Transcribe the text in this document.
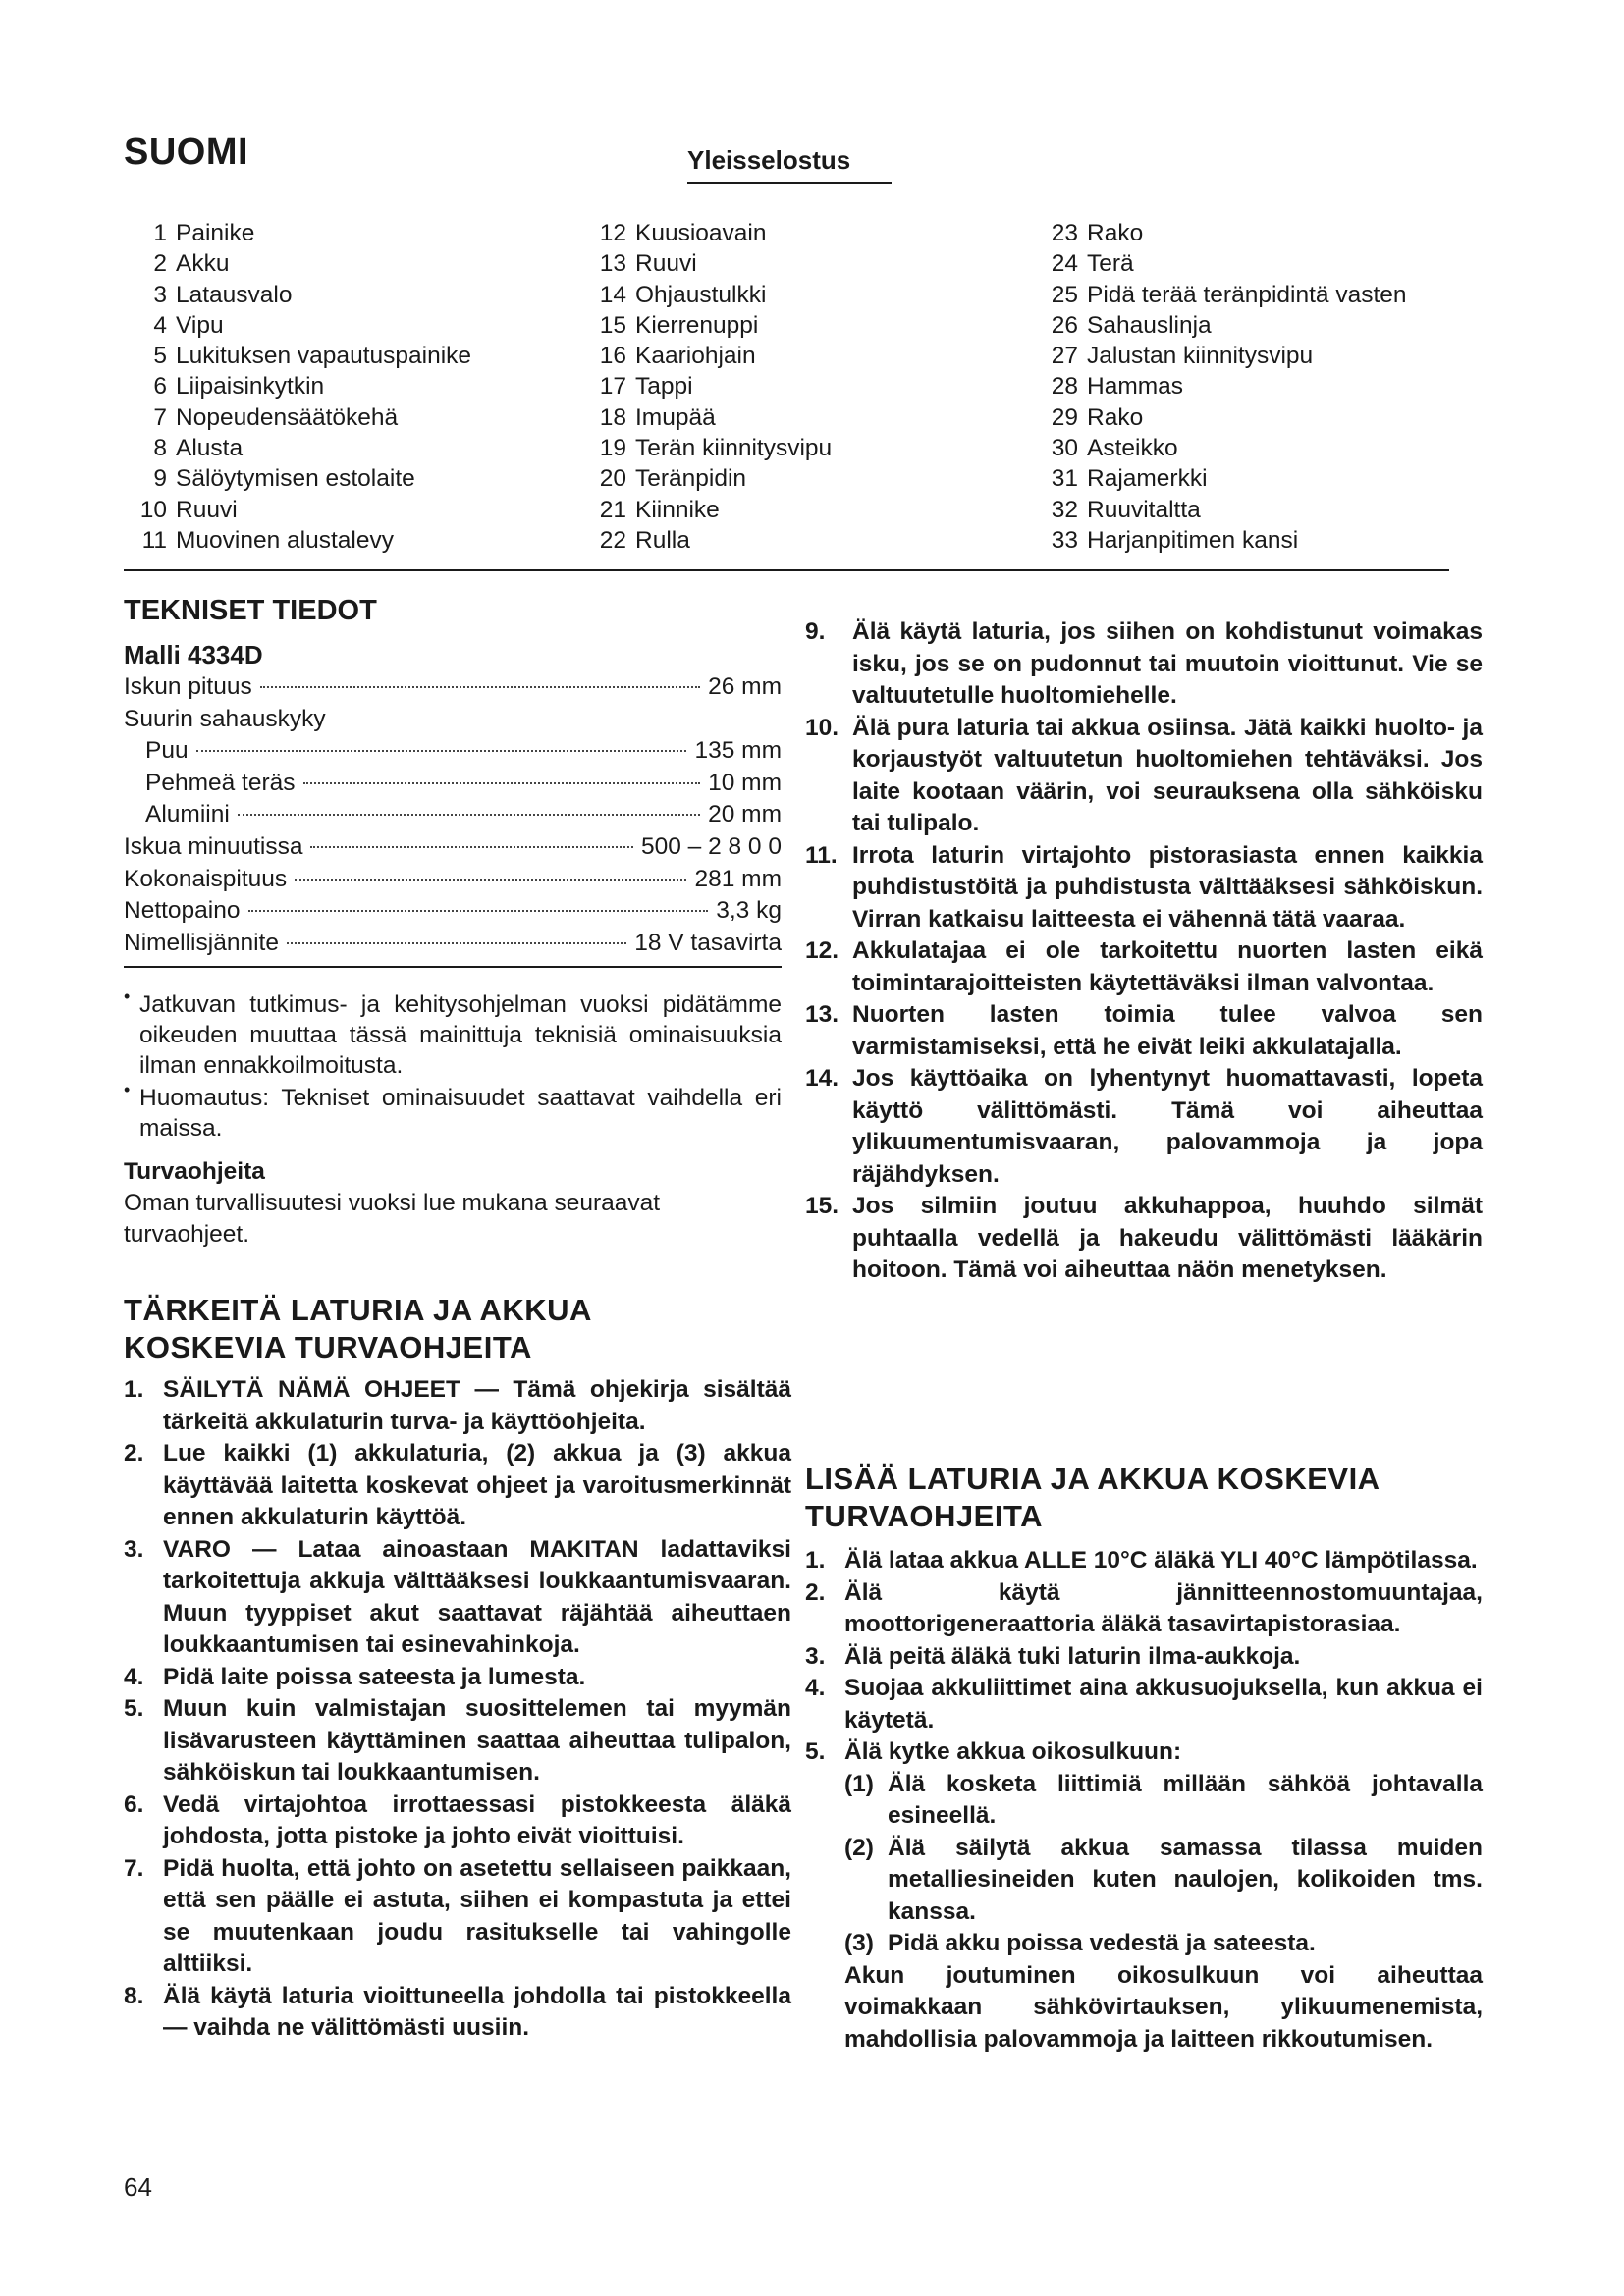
SUOMI	Yleisselostus
1 Painike
2 Akku
3 Latausvalo
4 Vipu
5 Lukituksen vapautuspainike
6 Liipaisinkytkin
7 Nopeudensäätökehä
8 Alusta
9 Sälöytymisen estolaite
10 Ruuvi
11 Muovinen alustalevy
12 Kuusioavain
13 Ruuvi
14 Ohjaustulkki
15 Kierrenuppi
16 Kaariohjain
17 Tappi
18 Imupää
19 Terän kiinnitysvipu
20 Teränpidin
21 Kiinnike
22 Rulla
23 Rako
24 Terä
25 Pidä terää teränpidintä vasten
26 Sahauslinja
27 Jalustan kiinnitysvipu
28 Hammas
29 Rako
30 Asteikko
31 Rajamerkki
32 Ruuvitaltta
33 Harjanpitimen kansi
TEKNISET TIEDOT
Malli 4334D
Iskun pituus	26 mm
Suurin sahauskyky
Puu	135 mm
Pehmeä teräs	10 mm
Alumiini	20 mm
Iskua minuutissa	500 – 2 8 0 0
Kokonaispituus	281 mm
Nettopaino	3,3 kg
Nimellisjännite	18 V tasavirta

• Jatkuvan tutkimus- ja kehitysohjelman vuoksi pidätämme oikeuden muuttaa tässä mainittuja teknisiä ominaisuuksia ilman ennakkoilmoitusta.

• Huomautus: Tekniset ominaisuudet saattavat vaihdella eri maissa.

Turvaohjeita
Oman turvallisuutesi vuoksi lue mukana seuraavat turvaohjeet.
TÄRKEITÄ LATURIA JA AKKUA
KOSKEVIA TURVAOHJEITA
1. SÄILYTÄ NÄMÄ OHJEET — Tämä ohjekirja sisältää tärkeitä akkulaturin turva- ja käyttöohjeita.
2. Lue kaikki (1) akkulaturia, (2) akkua ja (3) akkua käyttävää laitetta koskevat ohjeet ja varoitusmerkinnät ennen akkulaturin käyttöä.
3. VARO — Lataa ainoastaan MAKITAN ladattaviksi tarkoitettuja akkuja välttääksesi loukkaantumisvaaran. Muun tyyppiset akut saattavat räjähtää aiheuttaen loukkaantumisen tai esinevahinkoja.
4. Pidä laite poissa sateesta ja lumesta.
5. Muun kuin valmistajan suosittelemen tai myymän lisävarusteen käyttäminen saattaa aiheuttaa tulipalon, sähköiskun tai loukkaantumisen.
6. Vedä virtajohtoa irrottaessasi pistokkeesta äläkä johdosta, jotta pistoke ja johto eivät vioittuisi.
7. Pidä huolta, että johto on asetettu sellaiseen paikkaan, että sen päälle ei astuta, siihen ei kompastuta ja ettei se muutenkaan joudu rasitukselle tai vahingolle alttiiksi.
8. Älä käytä laturia vioittuneella johdolla tai pistokkeella — vaihda ne välittömästi uusiin.
9. Älä käytä laturia, jos siihen on kohdistunut voimakas isku, jos se on pudonnut tai muutoin vioittunut. Vie se valtuutetulle huoltomiehelle.
10. Älä pura laturia tai akkua osiinsa. Jätä kaikki huolto- ja korjaustyöt valtuutetun huoltomiehen tehtäväksi. Jos laite kootaan väärin, voi seurauksena olla sähköisku tai tulipalo.
11. Irrota laturin virtajohto pistorasiasta ennen kaikkia puhdistustöitä ja puhdistusta välttääksesi sähköiskun. Virran katkaisu laitteesta ei vähennä tätä vaaraa.
12. Akkulatajaa ei ole tarkoitettu nuorten lasten eikä toimintarajoitteisten käytettäväksi ilman valvontaa.
13. Nuorten lasten toimia tulee valvoa sen varmistamiseksi, että he eivät leiki akkulatajalla.
14. Jos käyttöaika on lyhentynyt huomattavasti, lopeta käyttö välittömästi. Tämä voi aiheuttaa ylikuumentumisvaaran, palovammoja ja jopa räjähdyksen.
15. Jos silmiin joutuu akkuhappoa, huuhdo silmät puhtaalla vedellä ja hakeudu välittömästi lääkärin hoitoon. Tämä voi aiheuttaa näön menetyksen.
LISÄÄ LATURIA JA AKKUA KOSKEVIA
TURVAOHJEITA
1. Älä lataa akkua ALLE 10°C äläkä YLI 40°C lämpötilassa.
2. Älä käytä jännitteennostomuuntajaa, moottorigeneraattoria äläkä tasavirtapistorasiaa.
3. Älä peitä äläkä tuki laturin ilma-aukkoja.
4. Suojaa akkuliittimet aina akkusuojuksella, kun akkua ei käytetä.
5. Älä kytke akkua oikosulkuun:
(1) Älä kosketa liittimiä millään sähköä johtavalla esineellä.
(2) Älä säilytä akkua samassa tilassa muiden metalliesineiden kuten naulojen, kolikoiden tms. kanssa.
(3) Pidä akku poissa vedestä ja sateesta.
Akun joutuminen oikosulkuun voi aiheuttaa voimakkaan sähkövirtauksen, ylikuumenemista, mahdollisia palovammoja ja laitteen rikkoutumisen.
64
